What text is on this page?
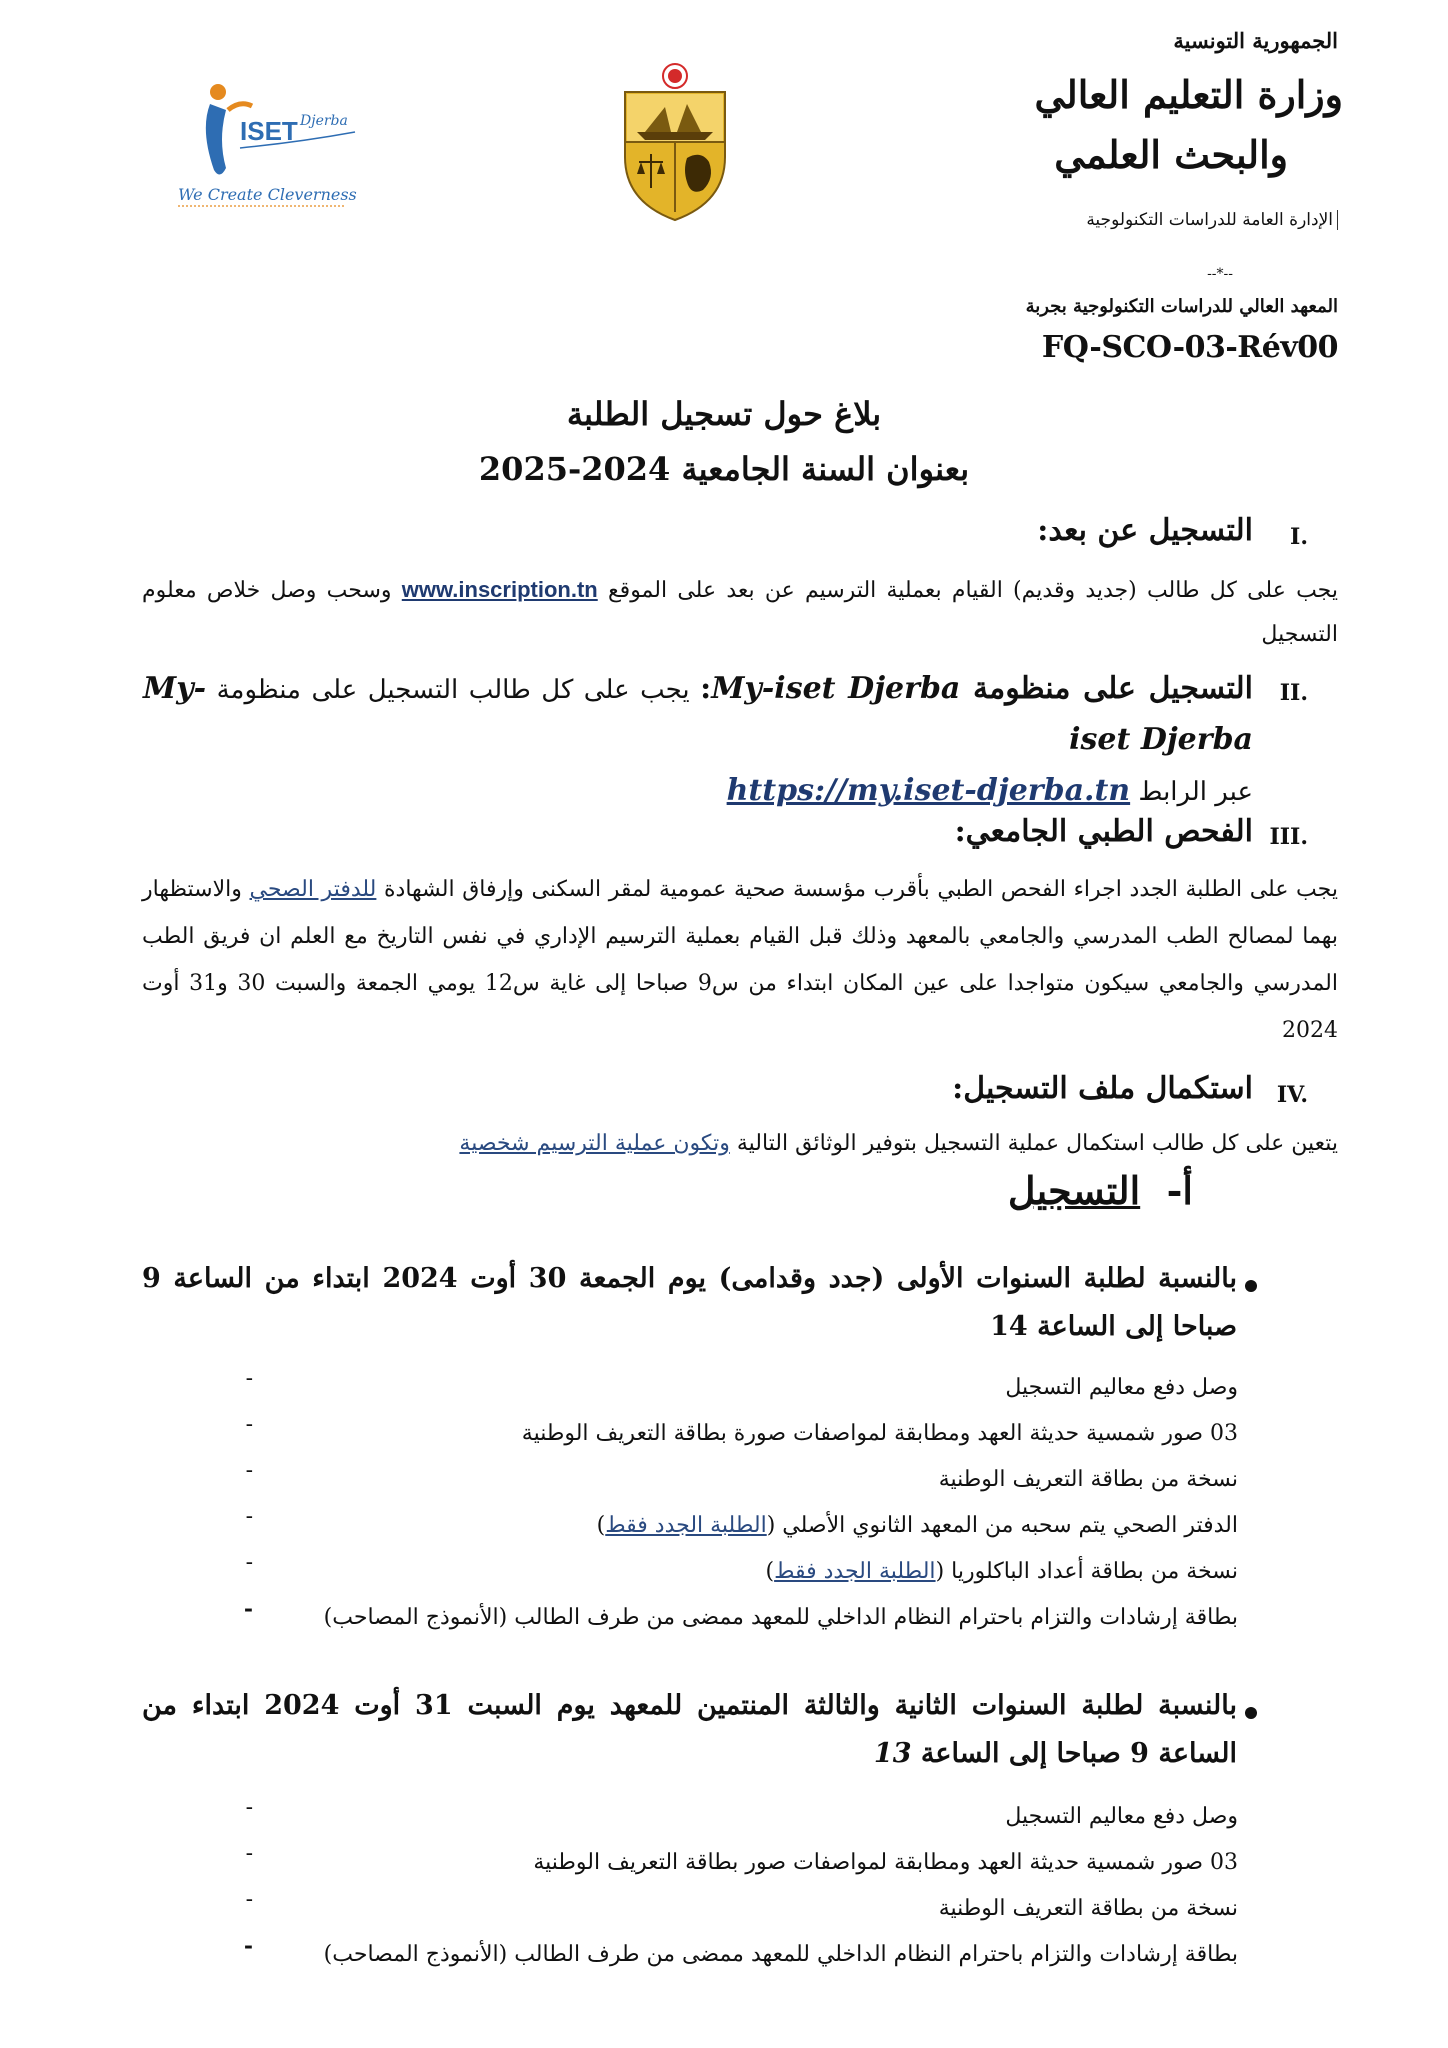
ISET Djerba
We Create Cleverness
الجمهورية التونسية
وزارة التعليم العالي
والبحث العلمي
الإدارة العامة للدراسات التكنولوجية
--*--
المعهد العالي للدراسات التكنولوجية بجربة
FQ-SCO-03-Rév00
بلاغ حول تسجيل الطلبة
بعنوان السنة الجامعية 2024-2025
I.
التسجيل عن بعد:
يجب على كل طالب (جديد وقديم) القيام بعملية الترسيم عن بعد على الموقع www.inscription.tn وسحب وصل خلاص معلوم التسجيل
II.
التسجيل على منظومة My-iset Djerba: يجب على كل طالب التسجيل على منظومة My-iset Djerba
عبر الرابط https://my.iset-djerba.tn
III.
الفحص الطبي الجامعي:
يجب على الطلبة الجدد اجراء الفحص الطبي بأقرب مؤسسة صحية عمومية لمقر السكنى وإرفاق الشهادة للدفتر الصحي والاستظهار بهما لمصالح الطب المدرسي والجامعي بالمعهد وذلك قبل القيام بعملية الترسيم الإداري في نفس التاريخ مع العلم ان فريق الطب المدرسي والجامعي سيكون متواجدا على عين المكان ابتداء من س9 صباحا إلى غاية س12 يومي الجمعة والسبت 30 و31 أوت 2024
IV.
استكمال ملف التسجيل:
يتعين على كل طالب استكمال عملية التسجيل بتوفير الوثائق التالية وتكون عملية الترسيم شخصية
أ-  التسجيل
بالنسبة لطلبة السنوات الأولى (جدد وقدامى) يوم الجمعة 30 أوت 2024 ابتداء من الساعة 9 صباحا إلى الساعة 14
وصل دفع معاليم التسجيل
03 صور شمسية حديثة العهد ومطابقة لمواصفات صورة بطاقة التعريف الوطنية
نسخة من بطاقة التعريف الوطنية
الدفتر الصحي يتم سحبه من المعهد الثانوي الأصلي (الطلبة الجدد فقط)
نسخة من بطاقة أعداد الباكلوريا (الطلبة الجدد فقط)
بطاقة إرشادات والتزام باحترام النظام الداخلي للمعهد ممضى من طرف الطالب (الأنموذج المصاحب)
-
-
-
-
-
-
بالنسبة لطلبة السنوات الثانية والثالثة المنتمين للمعهد يوم السبت 31 أوت 2024 ابتداء من الساعة 9 صباحا إلى الساعة 13
وصل دفع معاليم التسجيل
03 صور شمسية حديثة العهد ومطابقة لمواصفات صور بطاقة التعريف الوطنية
نسخة من بطاقة التعريف الوطنية
بطاقة إرشادات والتزام باحترام النظام الداخلي للمعهد ممضى من طرف الطالب (الأنموذج المصاحب)
-
-
-
-
